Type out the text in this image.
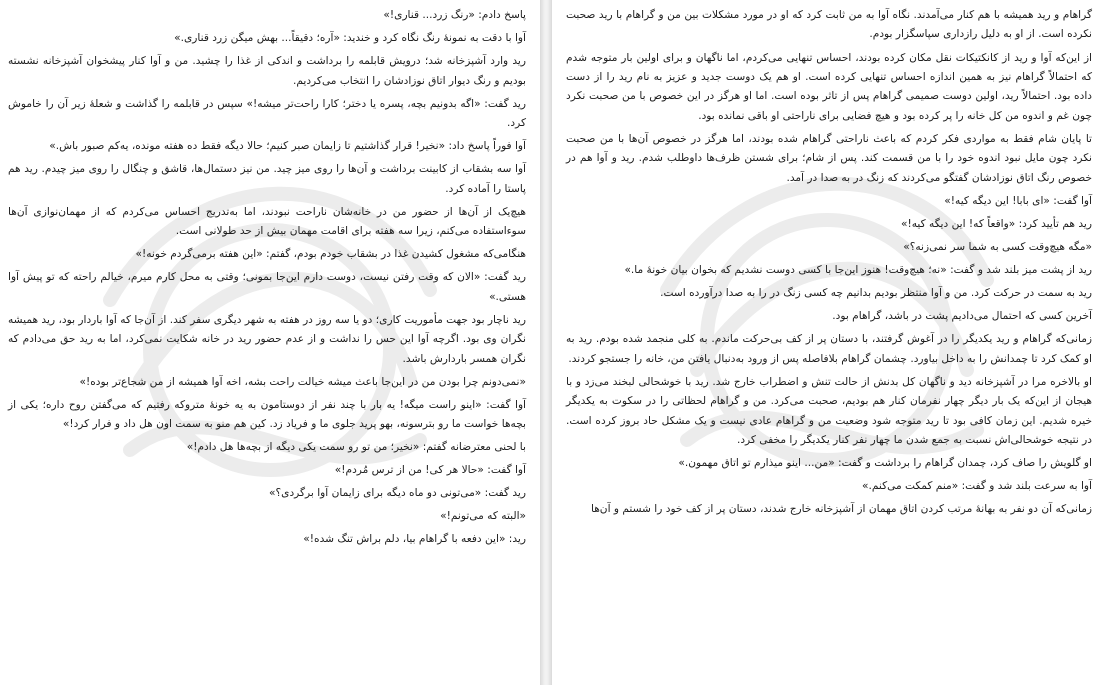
پاسخ دادم: «رنگ زرد... قناری!»

آوا با دقت به نمونهٔ رنگ نگاه کرد و خندید: «آره؛ دقیقاً... بهش میگن زرد قناری.»

رید وارد آشپزخانه شد؛ درویش قابلمه را برداشت و اندکی از غذا را چشید. من و آوا کنار پیشخوان آشپزخانه نشسته بودیم و رنگ دیوار اتاق نوزادشان را انتخاب می‌کردیم.

رید گفت: «اگه بدونیم بچه، پسره یا دختر؛ کارا راحت‌تر میشه!» سپس در قابلمه را گذاشت و شعلهٔ زیر آن را خاموش کرد.

آوا فوراً پاسخ داد: «نخیر! قرار گذاشتیم تا زایمان صبر کنیم؛ حالا دیگه فقط ده هفته مونده، یه‌کم صبور باش.»

آوا سه بشقاب از کابینت برداشت و آن‌ها را روی میز چید. من نیز دستمال‌ها، قاشق و چنگال را روی میز چیدم. رید هم پاستا را آماده کرد.

هیچ‌یک از آن‌ها از حضور من در خانه‌شان ناراحت نبودند، اما به‌تدریج احساس می‌کردم که از مهمان‌نوازی آن‌ها سوءاستفاده می‌کنم، زیرا سه هفته برای اقامت مهمان بیش از حد طولانی است.

هنگامی‌که مشغول کشیدن غذا در بشقاب خودم بودم، گفتم: «این هفته برمی‌گردم خونه!»

رید گفت: «الان که وقت رفتن نیست، دوست دارم این‌جا بمونی؛ وقتی به محل کارم میرم، خیالم راحته که تو پیش آوا هستی.»

رید ناچار بود جهت مأموریت کاری؛ دو یا سه روز در هفته به شهر دیگری سفر کند. از آن‌جا که آوا باردار بود، رید همیشه نگران وی بود. اگرچه آوا این حس را نداشت و از عدم حضور رید در خانه شکایت نمی‌کرد، اما به رید حق می‌دادم که نگران همسر باردارش باشد.

«نمی‌دونم چرا بودن من در این‌جا باعث میشه خیالت راحت بشه، اخه آوا همیشه از من شجاع‌تر بوده!»

آوا گفت: «اینو راست میگه! یه بار با چند نفر از دوستامون به یه خونهٔ متروکه رفتیم که می‌گفتن روح داره؛ یکی از بچه‌ها خواست ما رو بترسونه، بهو پرید جلوی ما و فریاد زد. کین هم منو به سمت اون هل داد و فرار کرد!»

با لحنی معترضانه گفتم: «نخیر؛ من تو رو سمت یکی دیگه از بچه‌ها هل دادم!»

آوا گفت: «حالا هر کی! من از ترس مُردم!»

رید گفت: «می‌تونی دو ماه دیگه برای زایمان آوا برگردی؟»

«البته که می‌تونم!»

رید: «این دفعه با گراهام بیا، دلم براش تنگ شده!»

گراهام و رید همیشه با هم کنار می‌آمدند. نگاه آوا به من ثابت کرد که او در مورد مشکلات بین من و گراهام با رید صحبت نکرده است. از او به دلیل رازداری سپاسگزار بودم.

از این‌که آوا و رید از کانکتیکات نقل مکان کرده بودند، احساس تنهایی می‌کردم، اما ناگهان و برای اولین بار متوجه شدم که احتمالاً گراهام نیز به همین اندازه احساس تنهایی کرده است. او هم یک دوست جدید و عزیز به نام رید را از دست داده بود. احتمالاً رید، اولین دوست صمیمی گراهام پس از تاثر بوده است. اما او هرگز در این خصوص با من صحبت نکرد چون غم و اندوه من کل خانه را پر کرده بود و هیچ فضایی برای ناراحتی او باقی نمانده بود.

تا پایان شام فقط به مواردی فکر کردم که باعث ناراحتی گراهام شده بودند، اما هرگز در خصوص آن‌ها با من صحبت نکرد چون مایل نبود اندوه خود را با من قسمت کند. پس از شام؛ برای شستن ظرف‌ها داوطلب شدم. رید و آوا هم در خصوص رنگ اتاق نوزادشان گفتگو می‌کردند که زنگ در به صدا در آمد.

آوا گفت: «ای بابا! این دیگه کیه!»

رید هم تأیید کرد: «واقعاً که! این دیگه کیه!»

«مگه هیچ‌وقت کسی به شما سر نمی‌زنه؟»

رید از پشت میز بلند شد و گفت: «نه؛ هیچ‌وقت! هنوز این‌جا با کسی دوست نشدیم که بخوان بیان خونهٔ ما.»

رید به سمت در حرکت کرد. من و آوا منتظر بودیم بدانیم چه کسی زنگ در را به صدا درآورده است.

آخرین کسی که احتمال می‌دادیم پشت در باشد، گراهام بود.

زمانی‌که گراهام و رید یکدیگر را در آغوش گرفتند، با دستان پر از کف بی‌حرکت ماندم. به کلی منجمد شده بودم. رید به او کمک کرد تا چمدانش را به داخل بیاورد. چشمان گراهام بلافاصله پس از ورود به‌دنبال یافتن من، خانه را جستجو کردند.

او بالاخره مرا در آشپزخانه دید و ناگهان کل بدنش از حالت تنش و اضطراب خارج شد. رید با خوشحالی لبخند می‌زد و با هیجان از این‌که یک بار دیگر چهار نفرمان کنار هم بودیم، صحبت می‌کرد. من و گراهام لحظاتی را در سکوت به یکدیگر خیره شدیم. این زمان کافی بود تا رید متوجه شود وضعیت من و گراهام عادی نیست و یک مشکل حاد بروز کرده است. در نتیجه خوشحالی‌اش نسبت به جمع شدن ما چهار نفر کنار یکدیگر را مخفی کرد.

او گلویش را صاف کرد، چمدان گراهام را برداشت و گفت: «من... اینو میذارم تو اتاق مهمون.»

آوا به سرعت بلند شد و گفت: «منم کمکت می‌کنم.»

زمانی‌که آن دو نفر به بهانهٔ مرتب کردن اتاق مهمان از آشپزخانه خارج شدند، دستان پر از کف خود را شستم و آن‌ها
